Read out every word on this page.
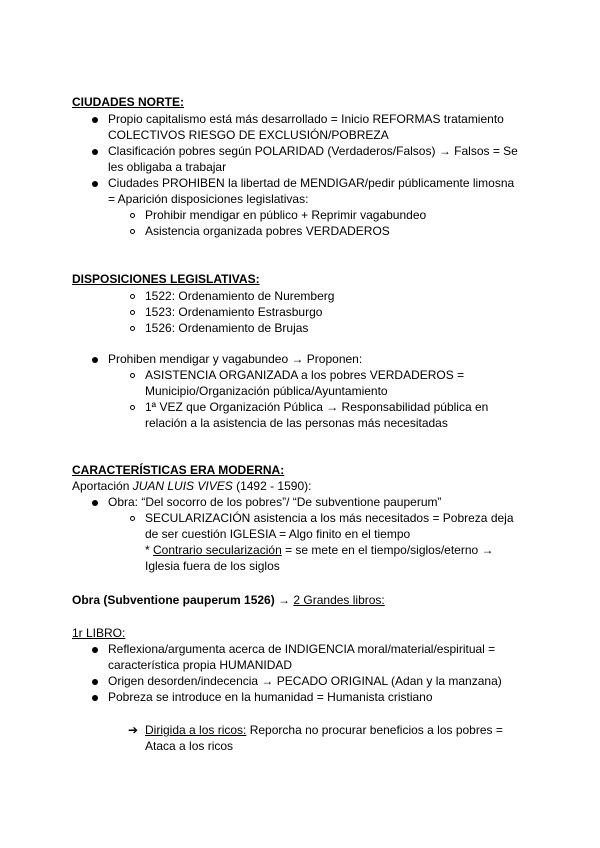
CIUDADES NORTE:
Propio capitalismo está más desarrollado = Inicio REFORMAS tratamiento
COLECTIVOS RIESGO DE EXCLUSIÓN/POBREZA
Clasificación pobres según POLARIDAD (Verdaderos/Falsos) → Falsos = Se
les obligaba a trabajar
Ciudades PROHIBEN la libertad de MENDIGAR/pedir públicamente limosna
= Aparición disposiciones legislativas:
Prohibir mendigar en público + Reprimir vagabundeo
Asistencia organizada pobres VERDADEROS
DISPOSICIONES LEGISLATIVAS:
1522: Ordenamiento de Nuremberg
1523: Ordenamiento Estrasburgo
1526: Ordenamiento de Brujas
Prohiben mendigar y vagabundeo → Proponen:
ASISTENCIA ORGANIZADA a los pobres VERDADEROS =
Municipio/Organización pública/Ayuntamiento
1ª VEZ que Organización Pública → Responsabilidad pública en
relación a la asistencia de las personas más necesitadas
CARACTERÍSTICAS ERA MODERNA:
Aportación JUAN LUIS VIVES (1492 - 1590):
Obra: “Del socorro de los pobres”/ “De subventione pauperum”
SECULARIZACIÓN asistencia a los más necesitados = Pobreza deja
de ser cuestión IGLESIA = Algo finito en el tiempo
* Contrario secularización = se mete en el tiempo/siglos/eterno →
Iglesia fuera de los siglos
Obra (Subventione pauperum 1526) → 2 Grandes libros:
1r LIBRO:
Reflexiona/argumenta acerca de INDIGENCIA moral/material/espiritual =
característica propia HUMANIDAD
Origen desorden/indecencia → PECADO ORIGINAL (Adan y la manzana)
Pobreza se introduce en la humanidad = Humanista cristiano
➔ Dirigida a los ricos: Reporcha no procurar beneficios a los pobres =
Ataca a los ricos
